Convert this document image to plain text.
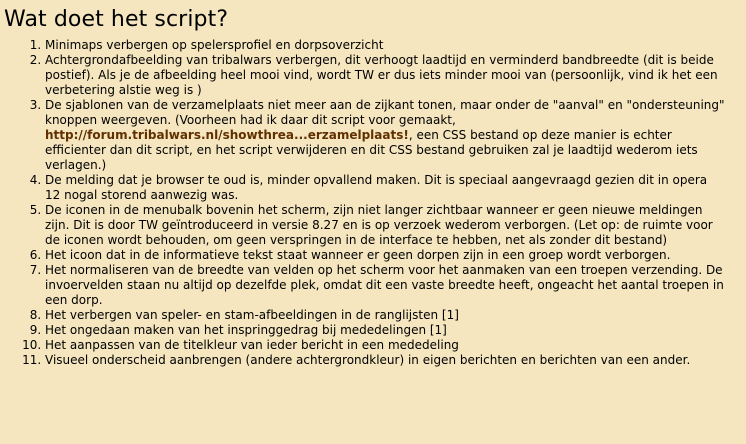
Wat doet het script?
1. Minimaps verbergen op spelersprofiel en dorpsoverzicht
2. Achtergrondafbeelding van tribalwars verbergen, dit verhoogt laadtijd en verminderd bandbreedte (dit is beide postief). Als je de afbeelding heel mooi vind, wordt TW er dus iets minder mooi van (persoonlijk, vind ik het een verbetering alstie weg is )
3. De sjablonen van de verzamelplaats niet meer aan de zijkant tonen, maar onder de "aanval" en "ondersteuning" knoppen weergeven. (Voorheen had ik daar dit script voor gemaakt, http://forum.tribalwars.nl/showthrea...erzamelplaats!, een CSS bestand op deze manier is echter efficienter dan dit script, en het script verwijderen en dit CSS bestand gebruiken zal je laadtijd wederom iets verlagen.)
4. De melding dat je browser te oud is, minder opvallend maken. Dit is speciaal aangevraagd gezien dit in opera 12 nogal storend aanwezig was.
5. De iconen in de menubalk bovenin het scherm, zijn niet langer zichtbaar wanneer er geen nieuwe meldingen zijn. Dit is door TW geïntroduceerd in versie 8.27 en is op verzoek wederom verborgen. (Let op: de ruimte voor de iconen wordt behouden, om geen verspringen in de interface te hebben, net als zonder dit bestand)
6. Het icoon dat in de informatieve tekst staat wanneer er geen dorpen zijn in een groep wordt verborgen.
7. Het normaliseren van de breedte van velden op het scherm voor het aanmaken van een troepen verzending. De invoervelden staan nu altijd op dezelfde plek, omdat dit een vaste breedte heeft, ongeacht het aantal troepen in een dorp.
8. Het verbergen van speler- en stam-afbeeldingen in de ranglijsten [1]
9. Het ongedaan maken van het inspringgedrag bij mededelingen [1]
10. Het aanpassen van de titelkleur van ieder bericht in een mededeling
11. Visueel onderscheid aanbrengen (andere achtergrondkleur) in eigen berichten en berichten van een ander.
